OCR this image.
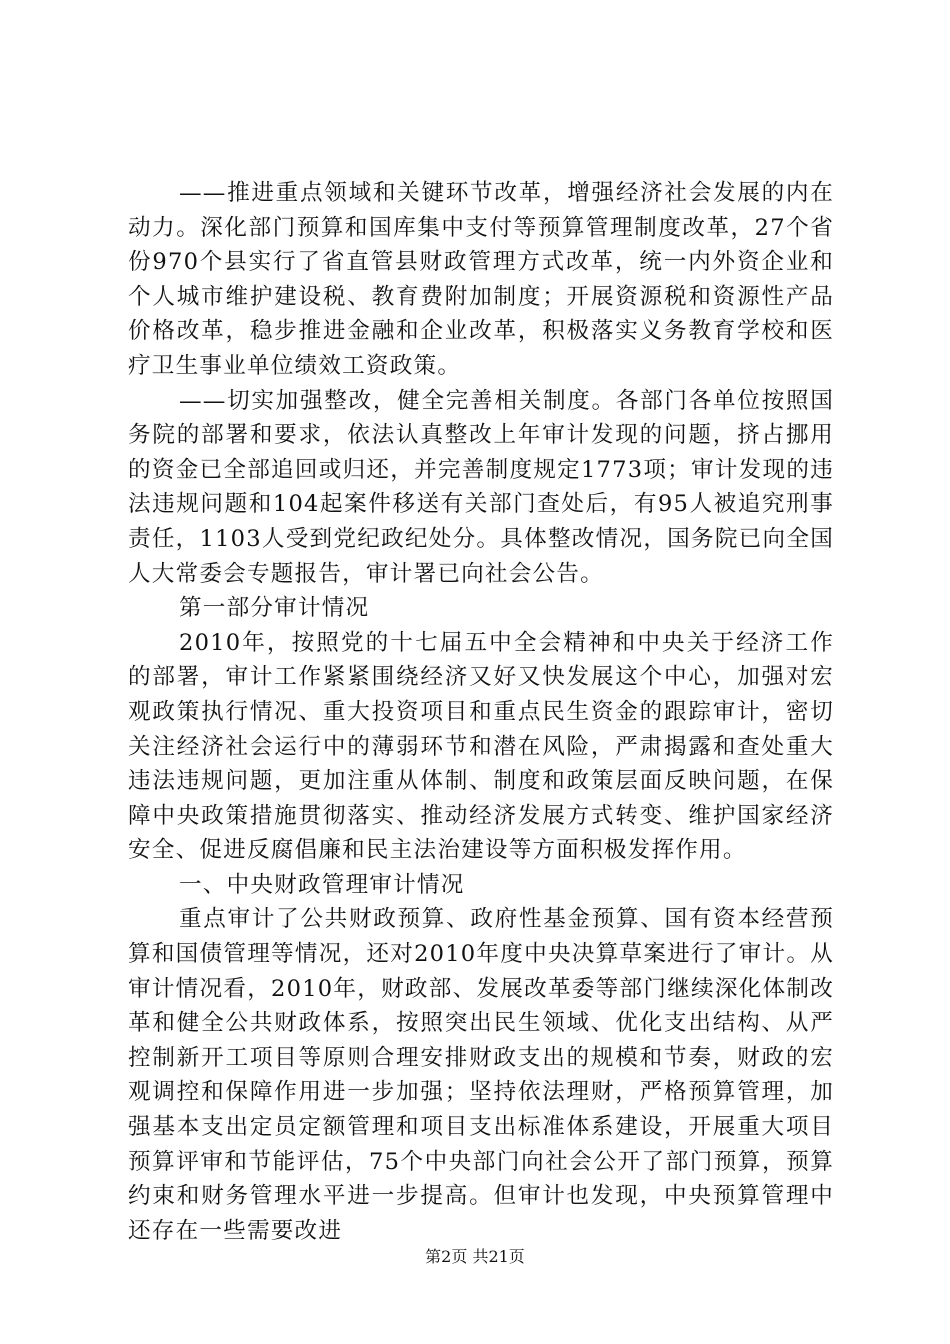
——推进重点领域和关键环节改革，增强经济社会发展的内在动力。深化部门预算和国库集中支付等预算管理制度改革，27个省份970个县实行了省直管县财政管理方式改革，统一内外资企业和个人城市维护建设税、教育费附加制度；开展资源税和资源性产品价格改革，稳步推进金融和企业改革，积极落实义务教育学校和医疗卫生事业单位绩效工资政策。

——切实加强整改，健全完善相关制度。各部门各单位按照国务院的部署和要求，依法认真整改上年审计发现的问题，挤占挪用的资金已全部追回或归还，并完善制度规定1773项；审计发现的违法违规问题和104起案件移送有关部门查处后，有95人被追究刑事责任，1103人受到党纪政纪处分。具体整改情况，国务院已向全国人大常委会专题报告，审计署已向社会公告。

第一部分审计情况

2010年，按照党的十七届五中全会精神和中央关于经济工作的部署，审计工作紧紧围绕经济又好又快发展这个中心，加强对宏观政策执行情况、重大投资项目和重点民生资金的跟踪审计，密切关注经济社会运行中的薄弱环节和潜在风险，严肃揭露和查处重大违法违规问题，更加注重从体制、制度和政策层面反映问题，在保障中央政策措施贯彻落实、推动经济发展方式转变、维护国家经济安全、促进反腐倡廉和民主法治建设等方面积极发挥作用。

一、中央财政管理审计情况

重点审计了公共财政预算、政府性基金预算、国有资本经营预算和国债管理等情况，还对2010年度中央决算草案进行了审计。从审计情况看，2010年，财政部、发展改革委等部门继续深化体制改革和健全公共财政体系，按照突出民生领域、优化支出结构、从严控制新开工项目等原则合理安排财政支出的规模和节奏，财政的宏观调控和保障作用进一步加强；坚持依法理财，严格预算管理，加强基本支出定员定额管理和项目支出标准体系建设，开展重大项目预算评审和节能评估，75个中央部门向社会公开了部门预算，预算约束和财务管理水平进一步提高。但审计也发现，中央预算管理中还存在一些需要改进

第2页 共21页
